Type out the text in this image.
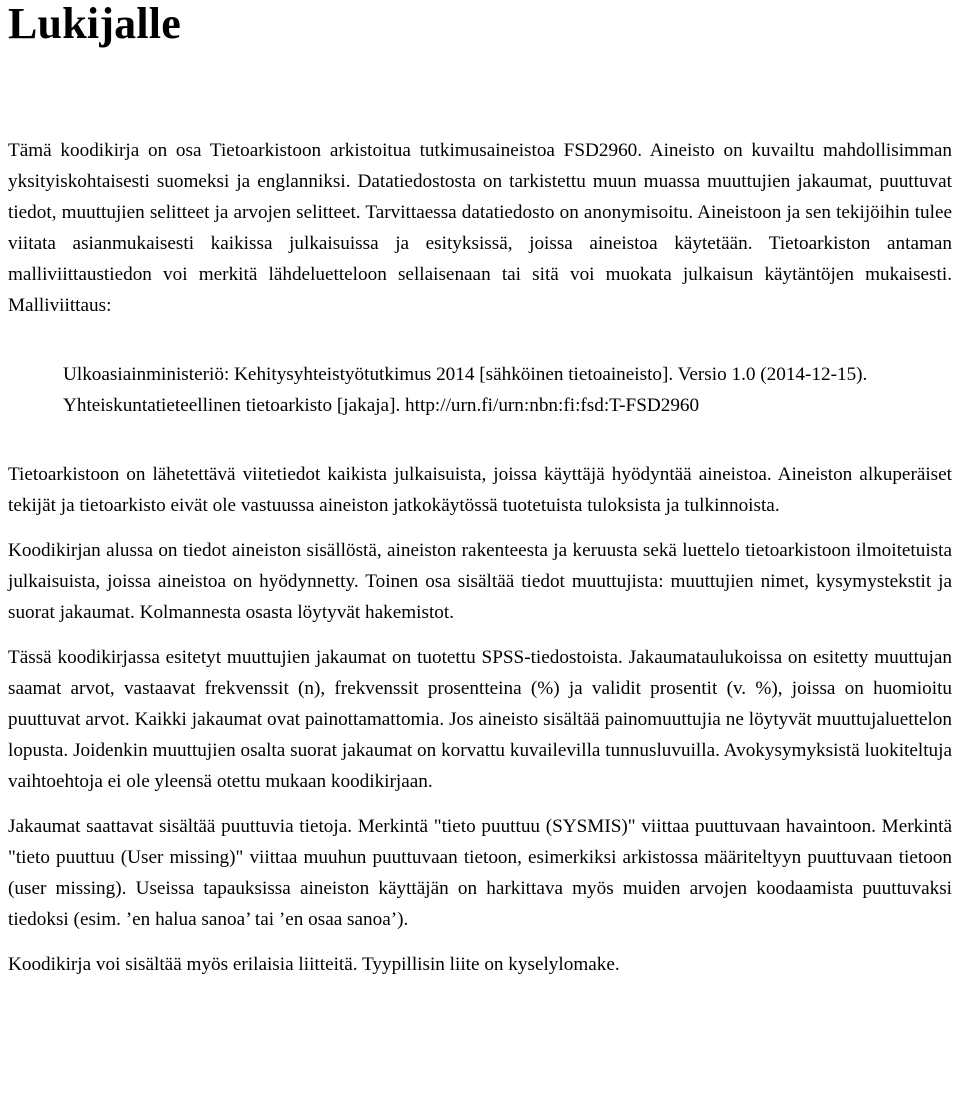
Lukijalle

Tämä koodikirja on osa Tietoarkistoon arkistoitua tutkimusaineistoa FSD2960. Aineisto on kuvailtu mahdollisimman yksityiskohtaisesti suomeksi ja englanniksi. Datatiedostosta on tarkistettu muun muassa muuttujien jakaumat, puuttuvat tiedot, muuttujien selitteet ja arvojen selitteet. Tarvittaessa datatiedosto on anonymisoitu. Aineistoon ja sen tekijöihin tulee viitata asianmukaisesti kaikissa julkaisuissa ja esityksissä, joissa aineistoa käytetään. Tietoarkiston antaman malliviittaustiedon voi merkitä lähdeluetteloon sellaisenaan tai sitä voi muokata julkaisun käytäntöjen mukaisesti. Malliviittaus:

Ulkoasiainministeriö: Kehitysyhteistyötutkimus 2014 [sähköinen tietoaineisto]. Versio 1.0 (2014-12-15). Yhteiskuntatieteellinen tietoarkisto [jakaja]. http://urn.fi/urn:nbn:fi:fsd:T-FSD2960

Tietoarkistoon on lähetettävä viitetiedot kaikista julkaisuista, joissa käyttäjä hyödyntää aineistoa. Aineiston alkuperäiset tekijät ja tietoarkisto eivät ole vastuussa aineiston jatkokäytössä tuotetuista tuloksista ja tulkinnoista.

Koodikirjan alussa on tiedot aineiston sisällöstä, aineiston rakenteesta ja keruusta sekä luettelo tietoarkistoon ilmoitetuista julkaisuista, joissa aineistoa on hyödynnetty. Toinen osa sisältää tiedot muuttujista: muuttujien nimet, kysymystekstit ja suorat jakaumat. Kolmannesta osasta löytyvät hakemistot.

Tässä koodikirjassa esitetyt muuttujien jakaumat on tuotettu SPSS-tiedostoista. Jakaumataulukoissa on esitetty muuttujan saamat arvot, vastaavat frekvenssit (n), frekvenssit prosentteina (%) ja validit prosentit (v. %), joissa on huomioitu puuttuvat arvot. Kaikki jakaumat ovat painottamattomia. Jos aineisto sisältää painomuuttujia ne löytyvät muuttujaluettelon lopusta. Joidenkin muuttujien osalta suorat jakaumat on korvattu kuvailevilla tunnusluvuilla. Avokysymyksistä luokiteltuja vaihtoehtoja ei ole yleensä otettu mukaan koodikirjaan.

Jakaumat saattavat sisältää puuttuvia tietoja. Merkintä "tieto puuttuu (SYSMIS)" viittaa puuttuvaan havaintoon. Merkintä "tieto puuttuu (User missing)" viittaa muuhun puuttuvaan tietoon, esimerkiksi arkistossa määriteltyyn puuttuvaan tietoon (user missing). Useissa tapauksissa aineiston käyttäjän on harkittava myös muiden arvojen koodaamista puuttuvaksi tiedoksi (esim. ’en halua sanoa’ tai ’en osaa sanoa’).

Koodikirja voi sisältää myös erilaisia liitteitä. Tyypillisin liite on kyselylomake.
